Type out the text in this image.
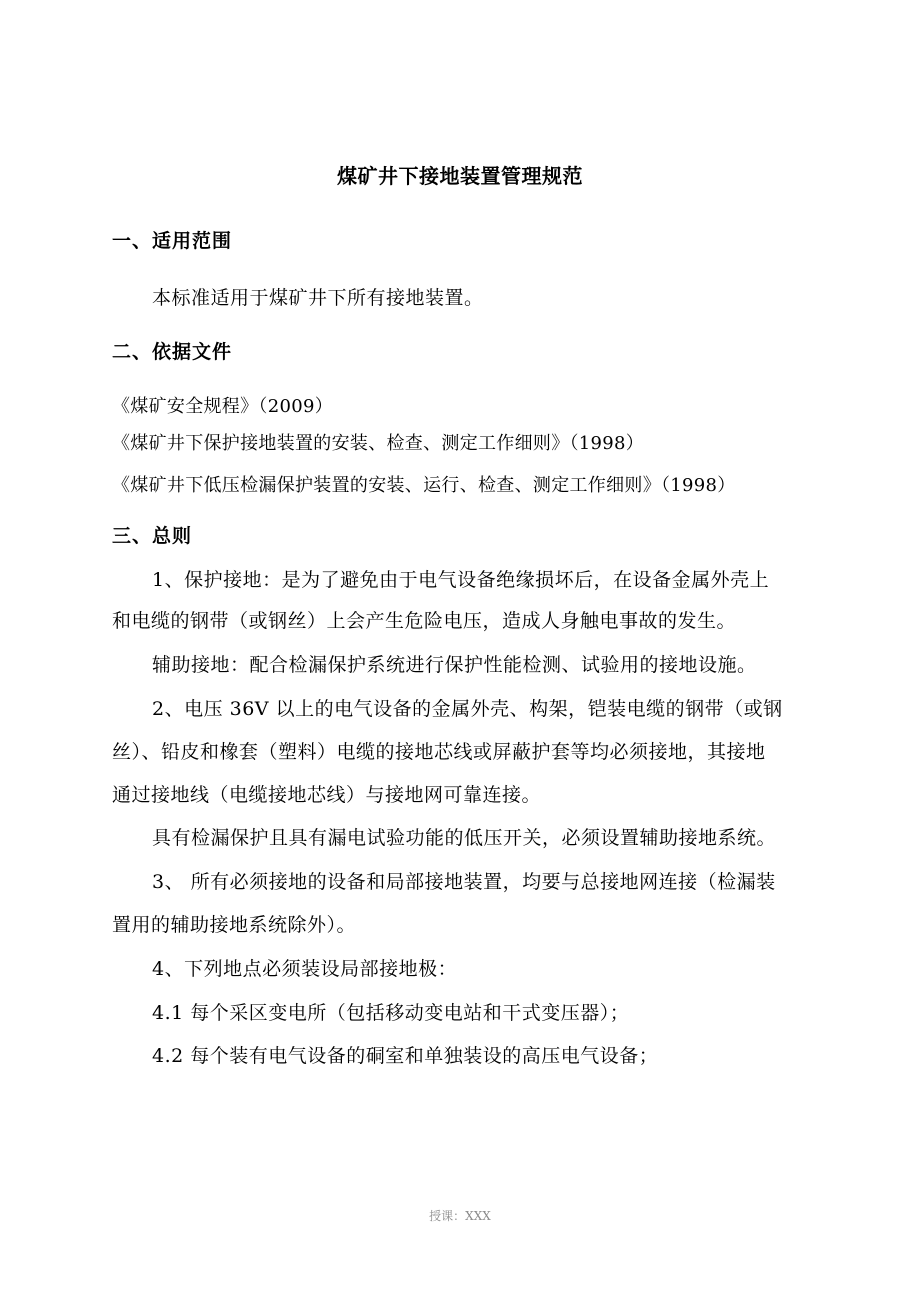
煤矿井下接地装置管理规范
一、适用范围
本标准适用于煤矿井下所有接地装置。
二、依据文件
《煤矿安全规程》（2009）
《煤矿井下保护接地装置的安装、检查、测定工作细则》（1998）
《煤矿井下低压检漏保护装置的安装、运行、检查、测定工作细则》（1998）
三、总则
1、保护接地：是为了避免由于电气设备绝缘损坏后，在设备金属外壳上
和电缆的钢带（或钢丝）上会产生危险电压，造成人身触电事故的发生。
辅助接地：配合检漏保护系统进行保护性能检测、试验用的接地设施。
2、电压 36V 以上的电气设备的金属外壳、构架，铠装电缆的钢带（或钢
丝）、铅皮和橡套（塑料）电缆的接地芯线或屏蔽护套等均必须接地，其接地
通过接地线（电缆接地芯线）与接地网可靠连接。
具有检漏保护且具有漏电试验功能的低压开关，必须设置辅助接地系统。
3、 所有必须接地的设备和局部接地装置，均要与总接地网连接（检漏装
置用的辅助接地系统除外）。
4、下列地点必须装设局部接地极：
4.1 每个采区变电所（包括移动变电站和干式变压器）；
4.2 每个装有电气设备的硐室和单独装设的高压电气设备；
授课：XXX
